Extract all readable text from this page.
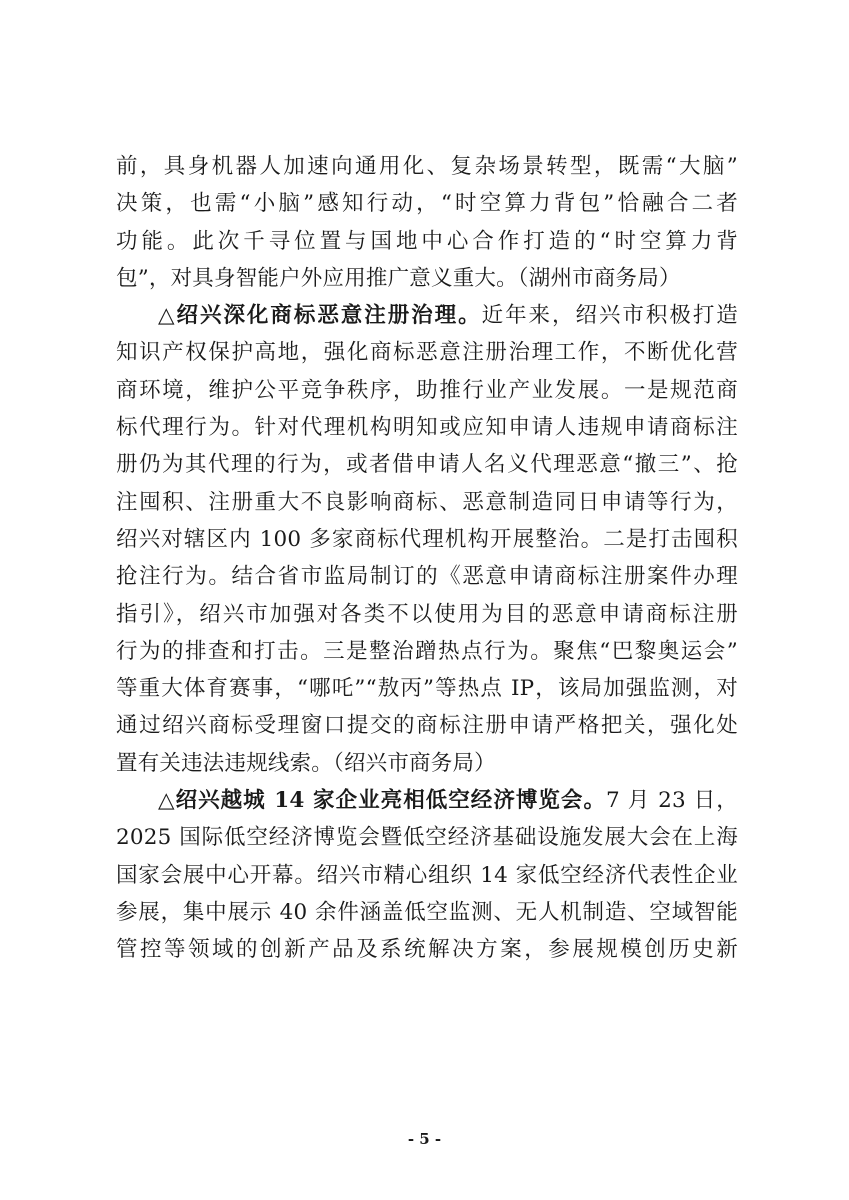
前，具身机器人加速向通用化、复杂场景转型，既需“大脑”
决策，也需“小脑”感知行动，“时空算力背包”恰融合二者
功能。此次千寻位置与国地中心合作打造的“时空算力背
包”，对具身智能户外应用推广意义重大。（湖州市商务局）
△绍兴深化商标恶意注册治理。近年来，绍兴市积极打造
知识产权保护高地，强化商标恶意注册治理工作，不断优化营
商环境，维护公平竞争秩序，助推行业产业发展。一是规范商
标代理行为。针对代理机构明知或应知申请人违规申请商标注
册仍为其代理的行为，或者借申请人名义代理恶意“撤三”、抢
注囤积、注册重大不良影响商标、恶意制造同日申请等行为，
绍兴对辖区内 100 多家商标代理机构开展整治。二是打击囤积
抢注行为。结合省市监局制订的《恶意申请商标注册案件办理
指引》，绍兴市加强对各类不以使用为目的恶意申请商标注册
行为的排查和打击。三是整治蹭热点行为。聚焦“巴黎奥运会”
等重大体育赛事，“哪吒”“敖丙”等热点 IP，该局加强监测，对
通过绍兴商标受理窗口提交的商标注册申请严格把关，强化处
置有关违法违规线索。（绍兴市商务局）
△绍兴越城 14 家企业亮相低空经济博览会。7 月 23 日，
2025 国际低空经济博览会暨低空经济基础设施发展大会在上海
国家会展中心开幕。绍兴市精心组织 14 家低空经济代表性企业
参展，集中展示 40 余件涵盖低空监测、无人机制造、空域智能
管控等领域的创新产品及系统解决方案，参展规模创历史新
- 5 -
